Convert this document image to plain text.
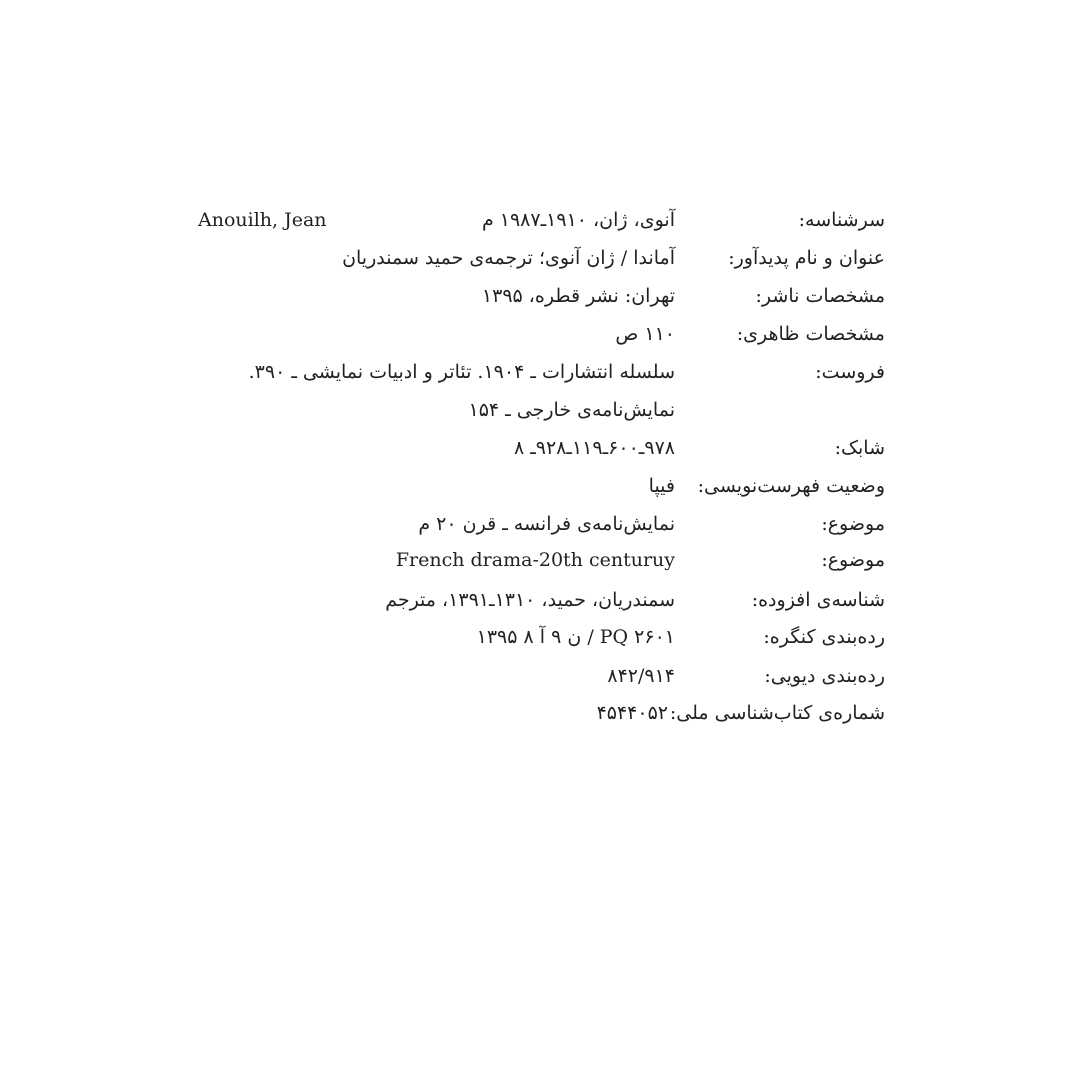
سرشناسه:
آنوی، ژان، ۱۹۱۰ـ۱۹۸۷ م
Anouilh, Jean
عنوان و نام پدیدآور:
آماندا / ژان آنوی؛ ترجمه‌ی حمید سمندریان
مشخصات ناشر:
تهران: نشر قطره، ۱۳۹۵
مشخصات ظاهری:
۱۱۰ ص
فروست:
سلسله انتشارات ـ ۱۹۰۴. تئاتر و ادبیات نمایشی ـ ۳۹۰.
نمایش‌نامه‌ی خارجی ـ ۱۵۴
شابک:
۹۷۸ـ۶۰۰ـ۱۱۹ـ۹۲۸ـ ۸
وضعیت فهرست‌نویسی:
فیپا
موضوع:
نمایش‌نامه‌ی فرانسه ـ قرن ۲۰ م
موضوع:
French drama-20th centuruy
شناسه‌ی افزوده:
سمندریان، حمید، ۱۳۱۰ـ۱۳۹۱، مترجم
رده‌بندی کنگره:
PQ ۲۶۰۱ / ن ۹ آ ۸ ۱۳۹۵
رده‌بندی دیویی:
۸۴۲/۹۱۴
شماره‌ی کتاب‌شناسی ملی:
۴۵۴۴۰۵۲
